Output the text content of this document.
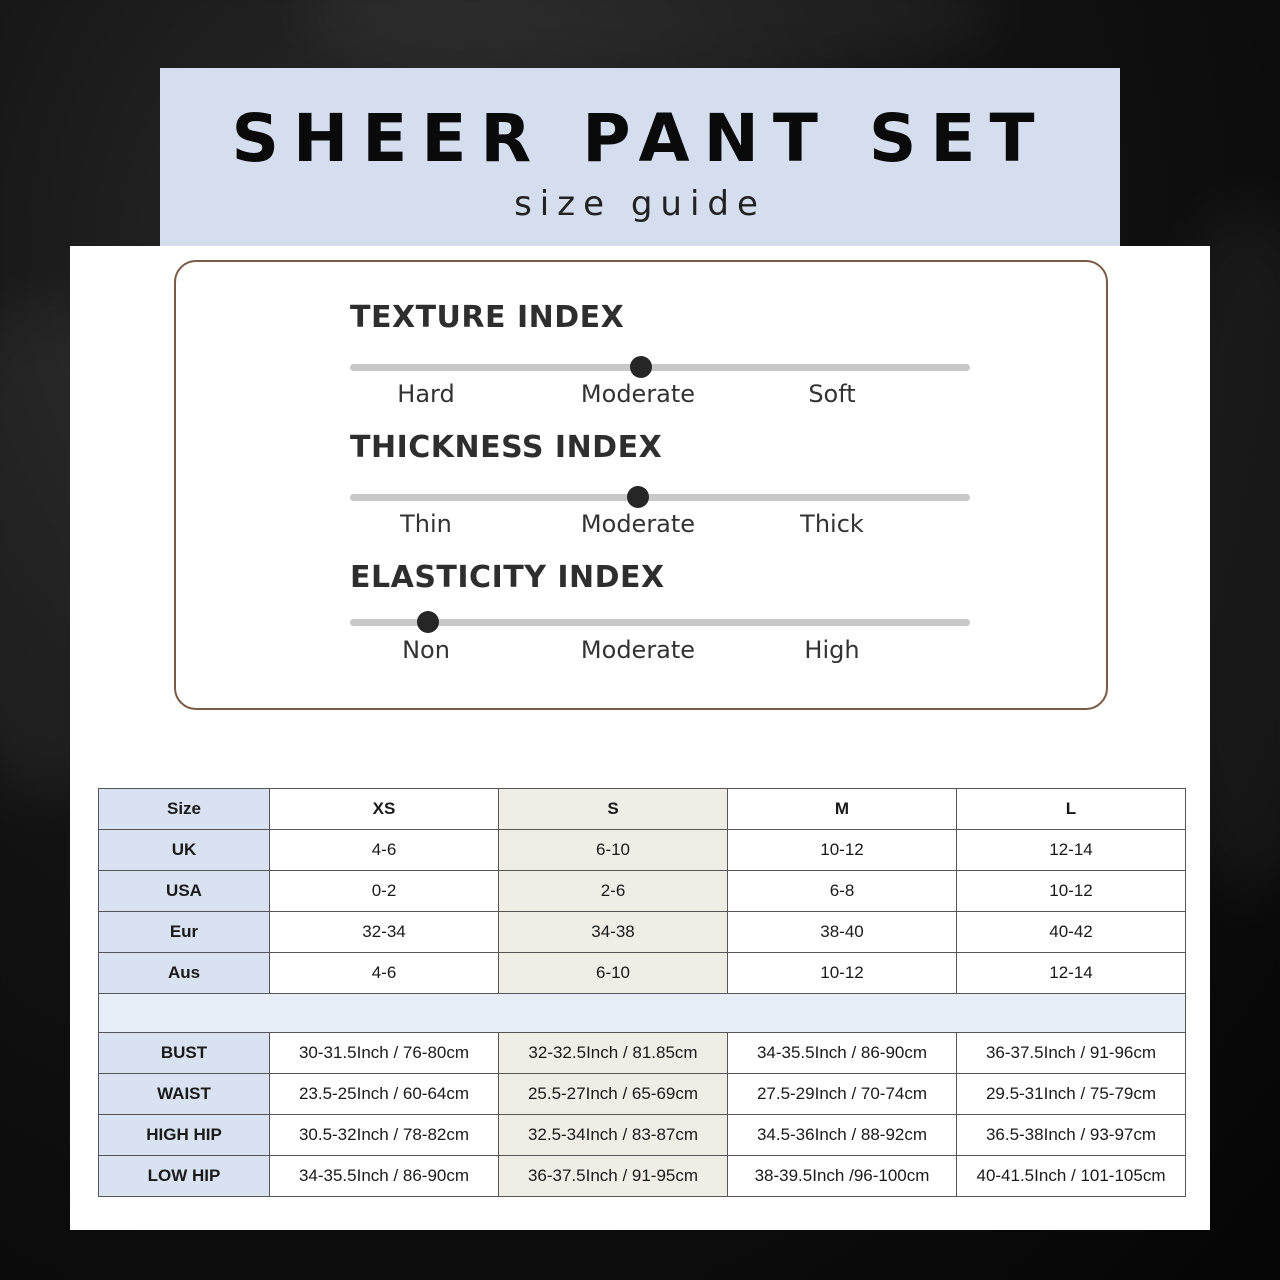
SHEER PANT SET
size guide
TEXTURE INDEX
Hard	Moderate	Soft
THICKNESS INDEX
Thin	Moderate	Thick
ELASTICITY INDEX
Non	Moderate	High
Size	XS	S	M	L
UK	4-6	6-10	10-12	12-14
USA	0-2	2-6	6-8	10-12
Eur	32-34	34-38	38-40	40-42
Aus	4-6	6-10	10-12	12-14

BUST	30-31.5Inch / 76-80cm	32-32.5Inch / 81.85cm	34-35.5Inch / 86-90cm	36-37.5Inch / 91-96cm
WAIST	23.5-25Inch / 60-64cm	25.5-27Inch / 65-69cm	27.5-29Inch / 70-74cm	29.5-31Inch / 75-79cm
HIGH HIP	30.5-32Inch / 78-82cm	32.5-34Inch / 83-87cm	34.5-36Inch / 88-92cm	36.5-38Inch / 93-97cm
LOW HIP	34-35.5Inch / 86-90cm	36-37.5Inch / 91-95cm	38-39.5Inch /96-100cm	40-41.5Inch / 101-105cm
